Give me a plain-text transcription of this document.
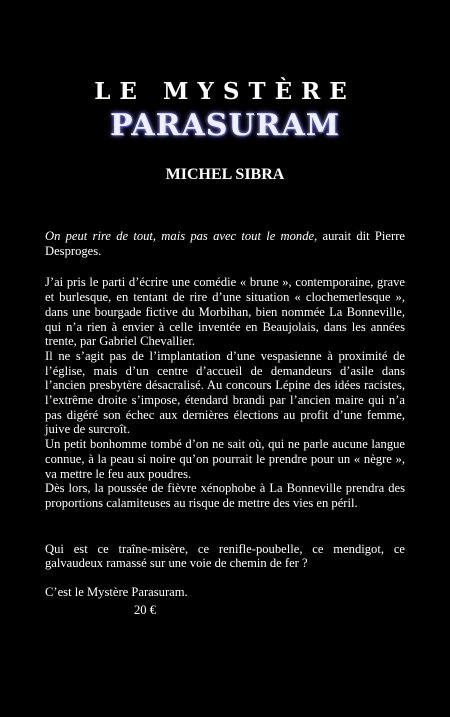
LE MYSTÈRE
PARASURAM
MICHEL SIBRA

On peut rire de tout, mais pas avec tout le monde, aurait dit Pierre Desproges.

J’ai pris le parti d’écrire une comédie « brune », contemporaine, grave et burlesque, en tentant de rire d’une situation « clochemerlesque », dans une bourgade fictive du Morbihan, bien nommée La Bonneville, qui n’a rien à envier à celle inventée en Beaujolais, dans les années trente, par Gabriel Chevallier.

Il ne s’agit pas de l’implantation d’une vespasienne à proximité de l’église, mais d’un centre d’accueil de demandeurs d’asile dans l’ancien presbytère désacralisé. Au concours Lépine des idées racistes, l’extrême droite s’impose, étendard brandi par l’ancien maire qui n’a pas digéré son échec aux dernières élections au profit d’une femme, juive de surcroît.

Un petit bonhomme tombé d’on ne sait où, qui ne parle aucune langue connue, à la peau si noire qu’on pourrait le prendre pour un « nègre », va mettre le feu aux poudres.

Dès lors, la poussée de fièvre xénophobe à La Bonneville prendra des proportions calamiteuses au risque de mettre des vies en péril.

Qui est ce traîne-misère, ce renifle-poubelle, ce mendigot, ce galvaudeux ramassé sur une voie de chemin de fer ?

C’est le Mystère Parasuram.

20 €
